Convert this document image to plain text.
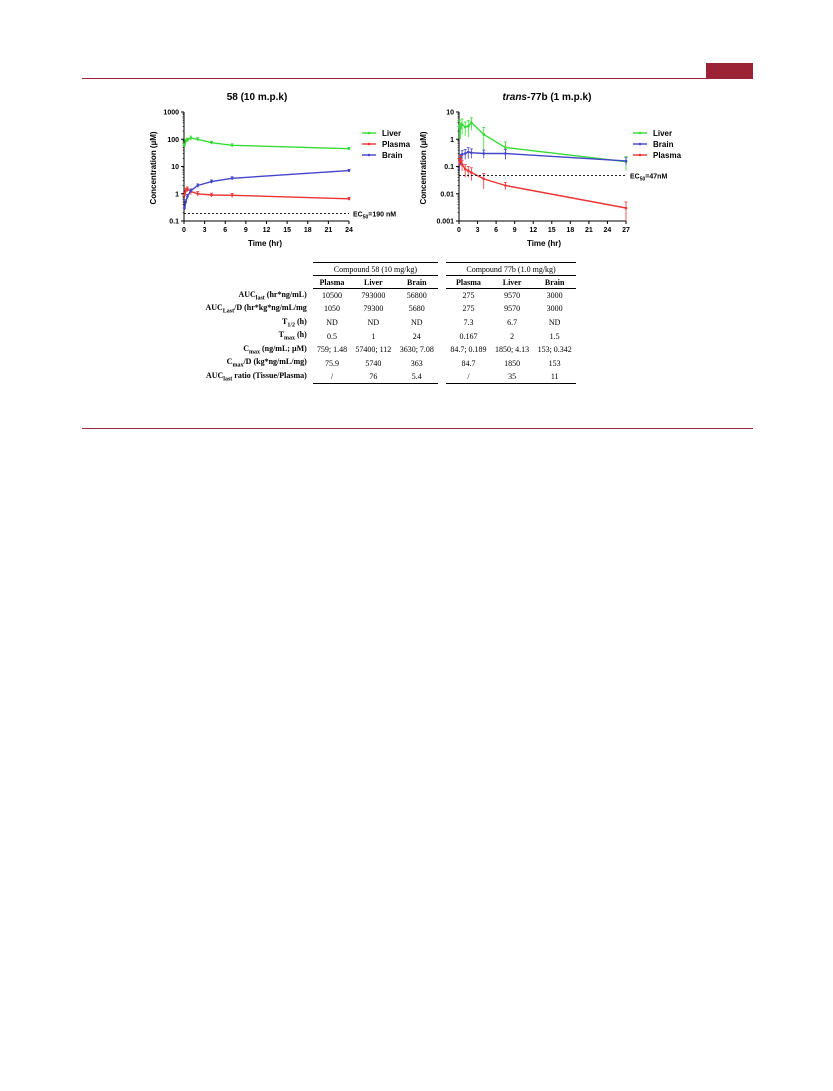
58 (10 m.p.k)
0 3 6 9 12 15 18 21 24
0.1
1
10
100
1000
$EC_{50}=190$ nM
Liver
Plasma
Brain
Time (hr)
Concentration (µM)
trans-77b (1 m.p.k)
0 3 6 9 12 15 18 21 24 27
0.001
0.01
0.1
1
10
$EC_{50}=47nM$
Liver
Brain
Plasma
Time (hr)
Concentration (µM)
	Compound 58 (10 mg/kg)				Compound 77b (1.0 mg/kg)		
	Plasma	Liver	Brain		Plasma	Liver	Brain
$AUC_{last}$ (hr*ng/mL)	10500	793000	56800		275	9570	3000
$AUC_{Last}/D$ (hr*kg*ng/mL/mg	1050	79300	5680		275	9570	3000
$T_{1/2}$ (h)	ND	ND	ND		7.3	6.7	ND
$T_{max}$ (h)	0.5	1	24		0.167	2	1.5
$C_{max}$ (ng/mL; µM)	759; 1.48	57400; 112	3630; 7.08		84.7; 0.189	1850; 4.13	153; 0.342
$C_{max}/D$ (kg*ng/mL/mg)	75.9	5740	363		84.7	1850	153
$AUC_{last}$ ratio (Tissue/Plasma)	/	76	5.4		/	35	11
